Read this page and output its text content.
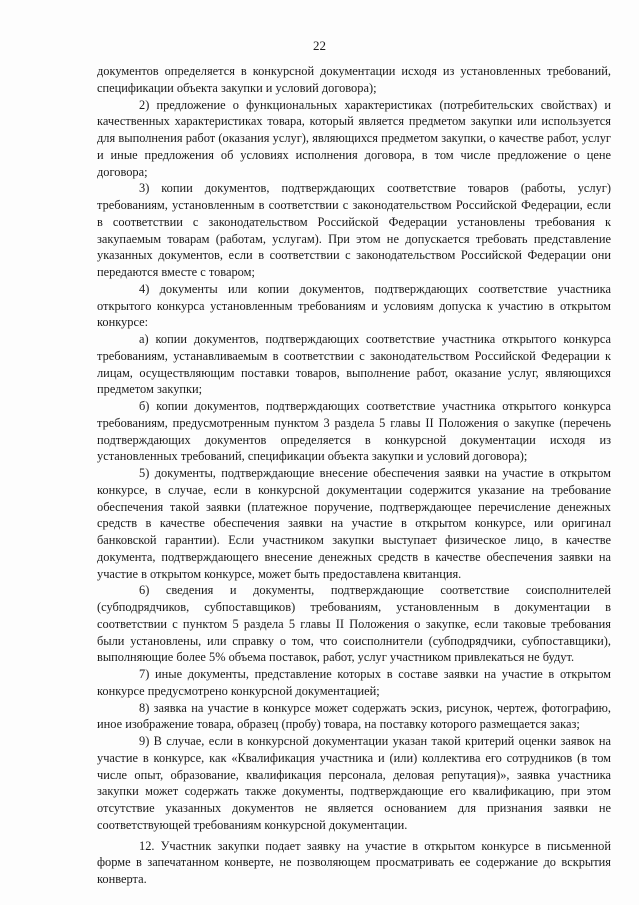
22

документов определяется в конкурсной документации исходя из установленных требований, спецификации объекта закупки и условий договора);

2) предложение о функциональных характеристиках (потребительских свойствах) и качественных характеристиках товара, который является предметом закупки или используется для выполнения работ (оказания услуг), являющихся предметом закупки, о качестве работ, услуг и иные предложения об условиях исполнения договора, в том числе предложение о цене договора;

3) копии документов, подтверждающих соответствие товаров (работы, услуг) требованиям, установленным в соответствии с законодательством Российской Федерации, если в соответствии с законодательством Российской Федерации установлены требования к закупаемым товарам (работам, услугам). При этом не допускается требовать представление указанных документов, если в соответствии с законодательством Российской Федерации они передаются вместе с товаром;

4) документы или копии документов, подтверждающих соответствие участника открытого конкурса установленным требованиям и условиям допуска к участию в открытом конкурсе:

а) копии документов, подтверждающих соответствие участника открытого конкурса требованиям, устанавливаемым в соответствии с законодательством Российской Федерации к лицам, осуществляющим поставки товаров, выполнение работ, оказание услуг, являющихся предметом закупки;

б) копии документов, подтверждающих соответствие участника открытого конкурса требованиям, предусмотренным пунктом 3 раздела 5 главы II Положения о закупке (перечень подтверждающих документов определяется в конкурсной документации исходя из установленных требований, спецификации объекта закупки и условий договора);

5) документы, подтверждающие внесение обеспечения заявки на участие в открытом конкурсе, в случае, если в конкурсной документации содержится указание на требование обеспечения такой заявки (платежное поручение, подтверждающее перечисление денежных средств в качестве обеспечения заявки на участие в открытом конкурсе, или оригинал банковской гарантии). Если участником закупки выступает физическое лицо, в качестве документа, подтверждающего внесение денежных средств в качестве обеспечения заявки на участие в открытом конкурсе, может быть предоставлена квитанция.

6) сведения и документы, подтверждающие соответствие соисполнителей (субподрядчиков, субпоставщиков) требованиям, установленным в документации в соответствии с пунктом 5 раздела 5 главы II Положения о закупке, если таковые требования были установлены, или справку о том, что соисполнители (субподрядчики, субпоставщики), выполняющие более 5% объема поставок, работ, услуг участником привлекаться не будут.

7) иные документы, представление которых в составе заявки на участие в открытом конкурсе предусмотрено конкурсной документацией;

8) заявка на участие в конкурсе может содержать эскиз, рисунок, чертеж, фотографию, иное изображение товара, образец (пробу) товара, на поставку которого размещается заказ;

9) В случае, если в конкурсной документации указан такой критерий оценки заявок на участие в конкурсе, как «Квалификация участника и (или) коллектива его сотрудников (в том числе опыт, образование, квалификация персонала, деловая репутация)», заявка участника закупки может содержать также документы, подтверждающие его квалификацию, при этом отсутствие указанных документов не является основанием для признания заявки не соответствующей требованиям конкурсной документации.

12. Участник закупки подает заявку на участие в открытом конкурсе в письменной форме в запечатанном конверте, не позволяющем просматривать ее содержание до вскрытия конверта.
